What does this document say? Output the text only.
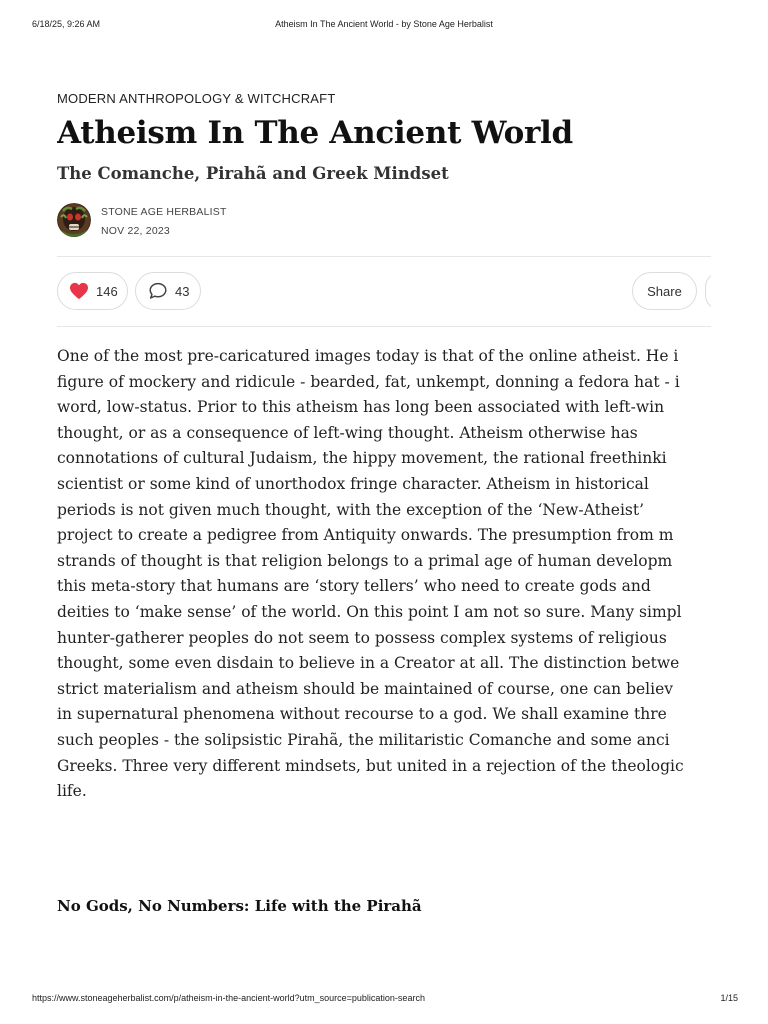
6/18/25, 9:26 AM	Atheism In The Ancient World - by Stone Age Herbalist
MODERN ANTHROPOLOGY & WITCHCRAFT
Atheism In The Ancient World
The Comanche, Pirahã and Greek Mindset
STONE AGE HERBALIST
NOV 22, 2023
146	43	Share

One of the most pre-caricatured images today is that of the online atheist. He i
figure of mockery and ridicule - bearded, fat, unkempt, donning a fedora hat - i
word, low-status. Prior to this atheism has long been associated with left-win
thought, or as a consequence of left-wing thought. Atheism otherwise has
connotations of cultural Judaism, the hippy movement, the rational freethinki
scientist or some kind of unorthodox fringe character. Atheism in historical
periods is not given much thought, with the exception of the ‘New-Atheist’
project to create a pedigree from Antiquity onwards. The presumption from m
strands of thought is that religion belongs to a primal age of human developm
this meta-story that humans are ‘story tellers’ who need to create gods and
deities to ‘make sense’ of the world. On this point I am not so sure. Many simpl
hunter-gatherer peoples do not seem to possess complex systems of religious
thought, some even disdain to believe in a Creator at all. The distinction betwe
strict materialism and atheism should be maintained of course, one can believ
in supernatural phenomena without recourse to a god. We shall examine thre
such peoples - the solipsistic Pirahã, the militaristic Comanche and some anci
Greeks. Three very different mindsets, but united in a rejection of the theologic
life.

No Gods, No Numbers: Life with the Pirahã
https://www.stoneageherbalist.com/p/atheism-in-the-ancient-world?utm_source=publication-search	1/15
